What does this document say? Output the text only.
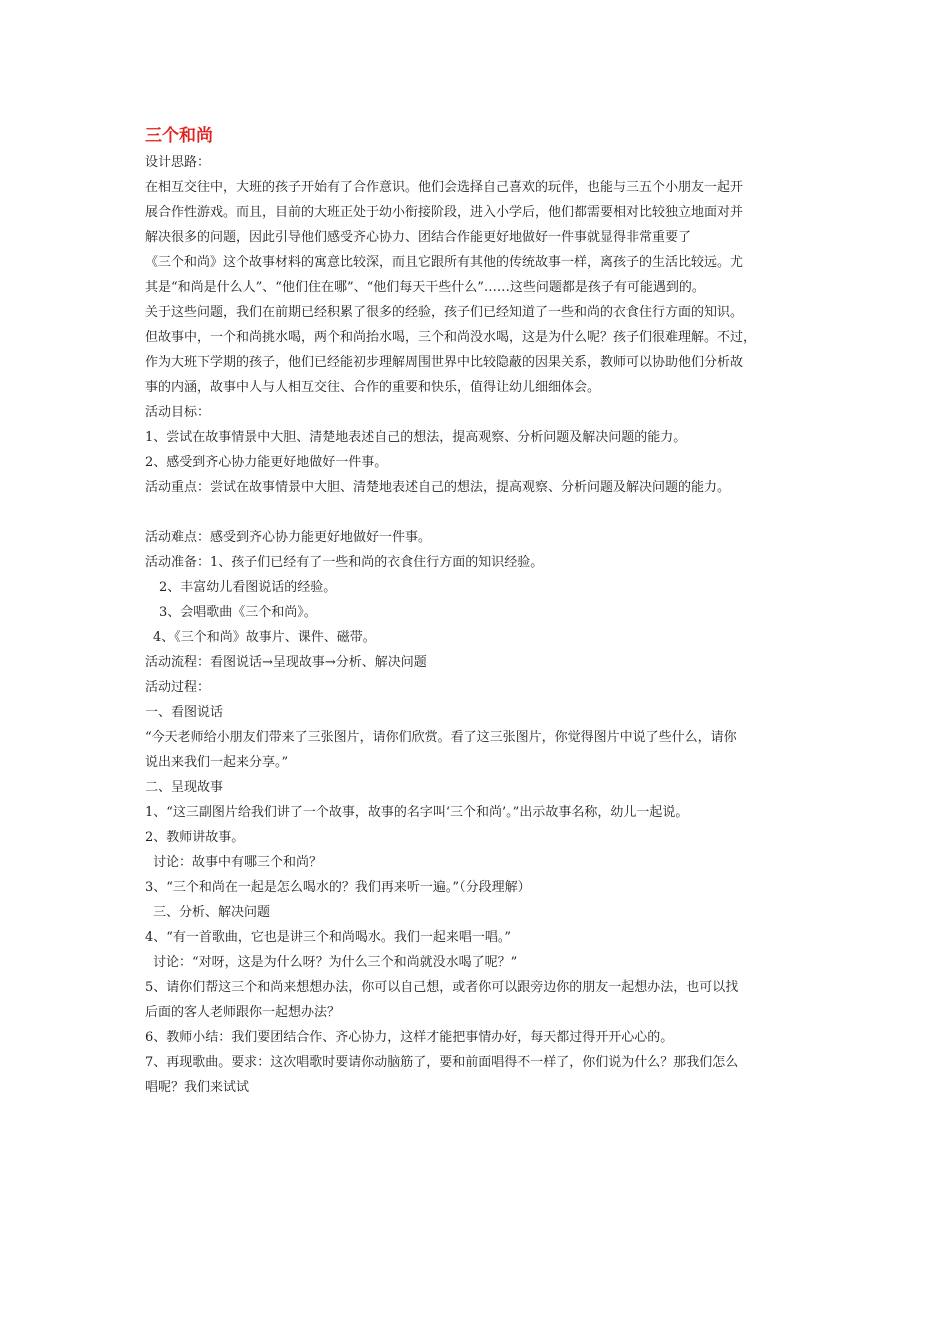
三个和尚

设计思路：

在相互交往中，大班的孩子开始有了合作意识。他们会选择自己喜欢的玩伴，也能与三五个小朋友一起开

展合作性游戏。而且，目前的大班正处于幼小衔接阶段，进入小学后，他们都需要相对比较独立地面对并

解决很多的问题，因此引导他们感受齐心协力、团结合作能更好地做好一件事就显得非常重要了

《三个和尚》这个故事材料的寓意比较深，而且它跟所有其他的传统故事一样，离孩子的生活比较远。尤

其是“和尚是什么人”、“他们住在哪”、“他们每天干些什么”……这些问题都是孩子有可能遇到的。

关于这些问题，我们在前期已经积累了很多的经验，孩子们已经知道了一些和尚的衣食住行方面的知识。

但故事中，一个和尚挑水喝，两个和尚抬水喝，三个和尚没水喝，这是为什么呢？孩子们很难理解。不过，

作为大班下学期的孩子，他们已经能初步理解周围世界中比较隐蔽的因果关系，教师可以协助他们分析故

事的内涵，故事中人与人相互交往、合作的重要和快乐，值得让幼儿细细体会。

活动目标：

1、尝试在故事情景中大胆、清楚地表述自己的想法，提高观察、分析问题及解决问题的能力。

2、感受到齐心协力能更好地做好一件事。

活动重点：尝试在故事情景中大胆、清楚地表述自己的想法，提高观察、分析问题及解决问题的能力。

活动难点：感受到齐心协力能更好地做好一件事。

活动准备：1、孩子们已经有了一些和尚的衣食住行方面的知识经验。

2、丰富幼儿看图说话的经验。

3、会唱歌曲《三个和尚》。

4、《三个和尚》故事片、课件、磁带。

活动流程：看图说话→呈现故事→分析、解决问题

活动过程：

一、看图说话

“今天老师给小朋友们带来了三张图片，请你们欣赏。看了这三张图片，你觉得图片中说了些什么，请你

说出来我们一起来分享。”

二、呈现故事

1、“这三副图片给我们讲了一个故事，故事的名字叫‘三个和尚’。”出示故事名称，幼儿一起说。

2、教师讲故事。

讨论：故事中有哪三个和尚？

3、“三个和尚在一起是怎么喝水的？我们再来听一遍。”（分段理解）

三、分析、解决问题

4、“有一首歌曲，它也是讲三个和尚喝水。我们一起来唱一唱。”

讨论：“对呀，这是为什么呀？为什么三个和尚就没水喝了呢？”

5、请你们帮这三个和尚来想想办法，你可以自己想，或者你可以跟旁边你的朋友一起想办法，也可以找

后面的客人老师跟你一起想办法？

6、教师小结：我们要团结合作、齐心协力，这样才能把事情办好，每天都过得开开心心的。

7、再现歌曲。要求：这次唱歌时要请你动脑筋了，要和前面唱得不一样了，你们说为什么？那我们怎么

唱呢？我们来试试
